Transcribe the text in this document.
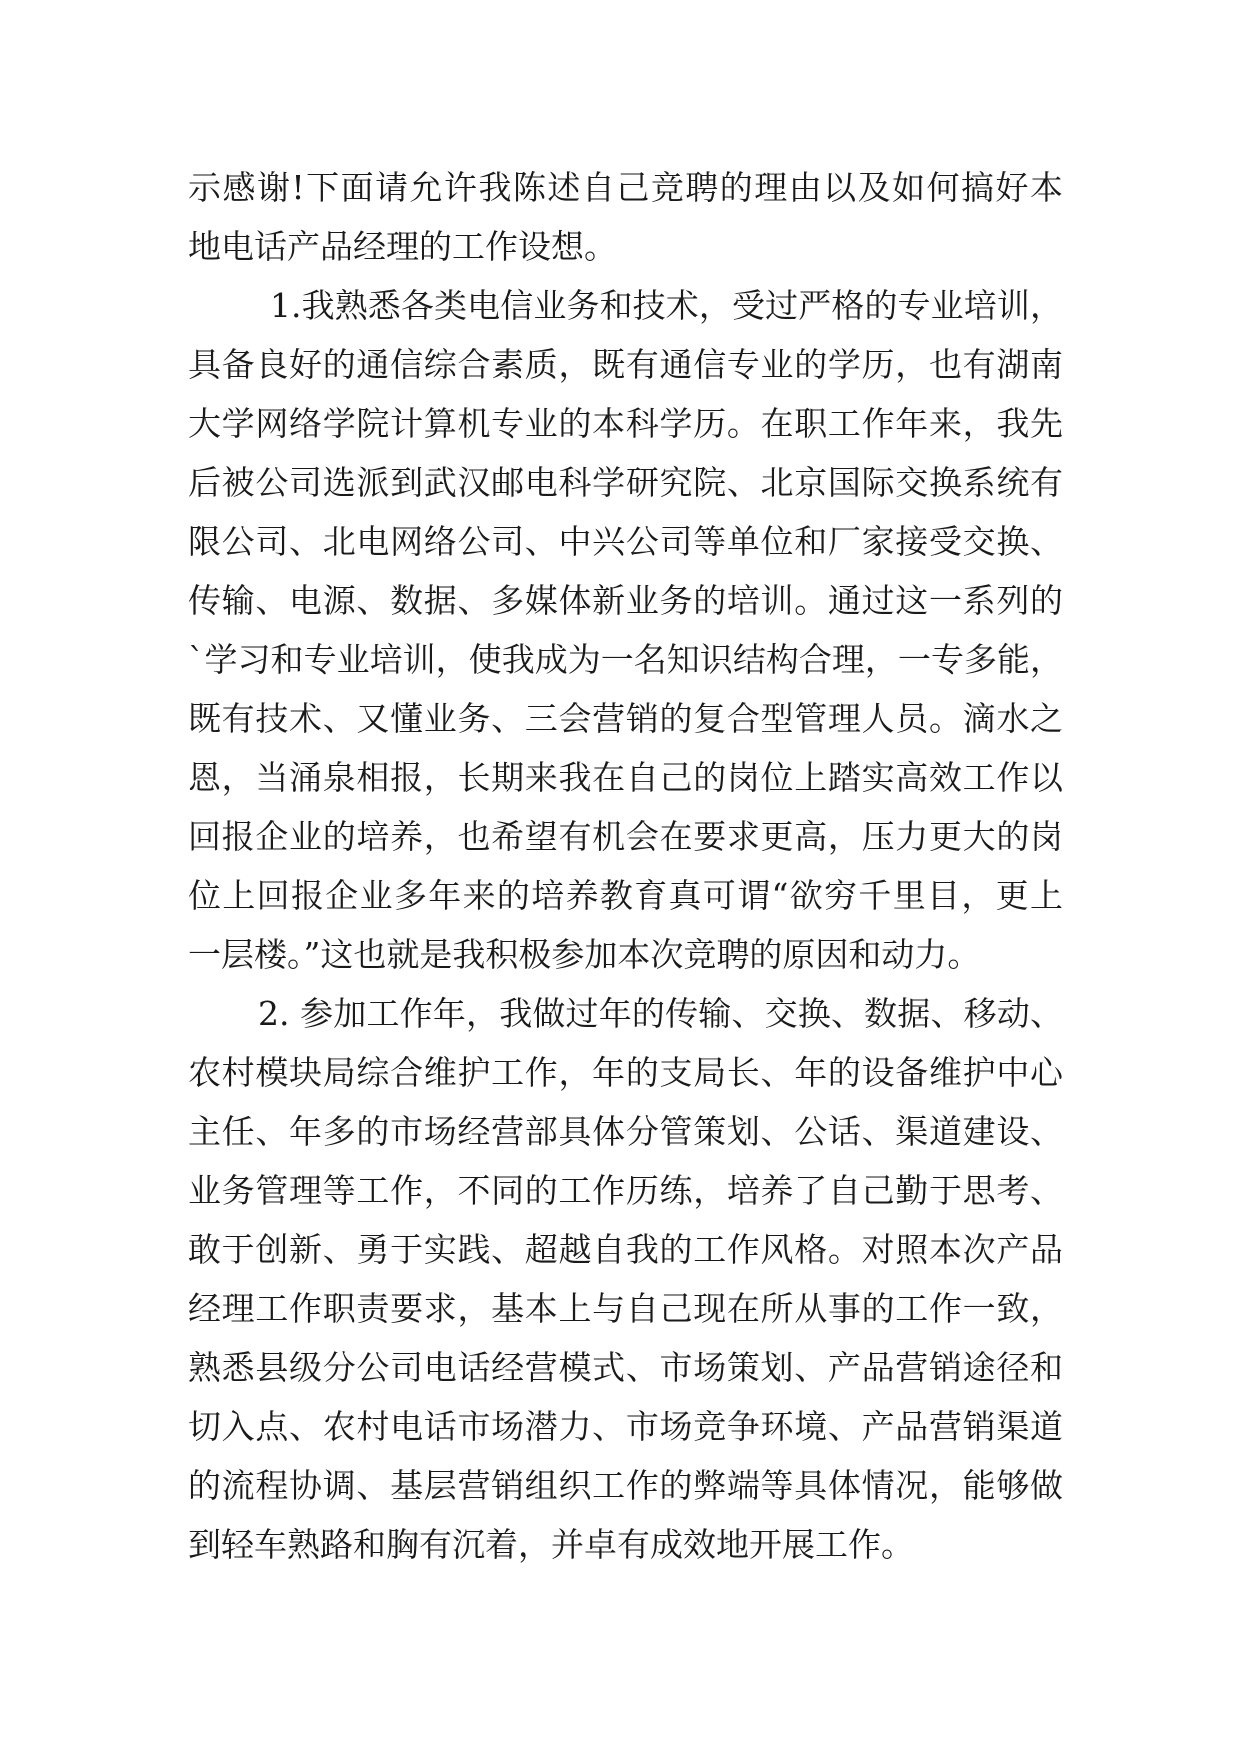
示感谢!下面请允许我陈述自己竞聘的理由以及如何搞好本
地电话产品经理的工作设想。
1.我熟悉各类电信业务和技术，受过严格的专业培训，
具备良好的通信综合素质，既有通信专业的学历，也有湖南
大学网络学院计算机专业的本科学历。在职工作年来，我先
后被公司选派到武汉邮电科学研究院、北京国际交换系统有
限公司、北电网络公司、中兴公司等单位和厂家接受交换、
传输、电源、数据、多媒体新业务的培训。通过这一系列的
`学习和专业培训，使我成为一名知识结构合理，一专多能，
既有技术、又懂业务、三会营销的复合型管理人员。滴水之
恩，当涌泉相报，长期来我在自己的岗位上踏实高效工作以
回报企业的培养，也希望有机会在要求更高，压力更大的岗
位上回报企业多年来的培养教育真可谓“欲穷千里目，更上
一层楼。”这也就是我积极参加本次竞聘的原因和动力。
2. 参加工作年，我做过年的传输、交换、数据、移动、
农村模块局综合维护工作，年的支局长、年的设备维护中心
主任、年多的市场经营部具体分管策划、公话、渠道建设、
业务管理等工作，不同的工作历练，培养了自己勤于思考、
敢于创新、勇于实践、超越自我的工作风格。对照本次产品
经理工作职责要求，基本上与自己现在所从事的工作一致，
熟悉县级分公司电话经营模式、市场策划、产品营销途径和
切入点、农村电话市场潜力、市场竞争环境、产品营销渠道
的流程协调、基层营销组织工作的弊端等具体情况，能够做
到轻车熟路和胸有沉着，并卓有成效地开展工作。
